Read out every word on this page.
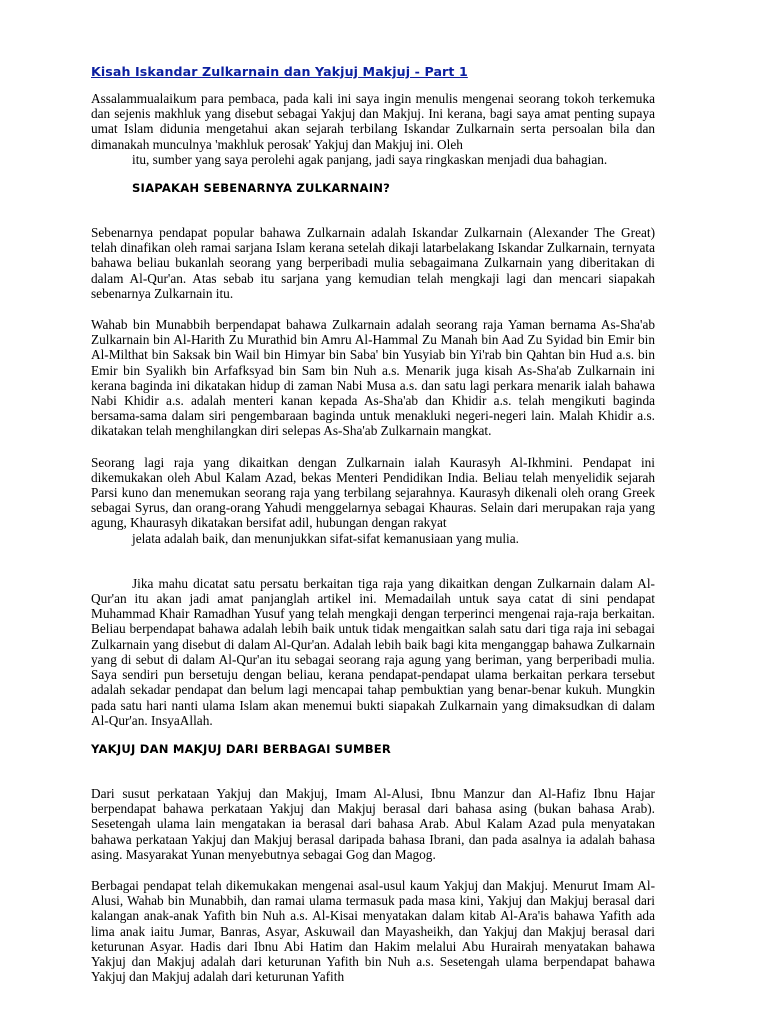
Kisah Iskandar Zulkarnain dan Yakjuj Makjuj - Part 1

Assalammualaikum para pembaca, pada kali ini saya ingin menulis mengenai seorang tokoh terkemuka dan sejenis makhluk yang disebut sebagai Yakjuj dan Makjuj. Ini kerana, bagi saya amat penting supaya umat Islam didunia mengetahui akan sejarah terbilang Iskandar Zulkarnain serta persoalan bila dan dimanakah munculnya 'makhluk perosak' Yakjuj dan Makjuj ini. Oleh

itu, sumber yang saya perolehi agak panjang, jadi saya ringkaskan menjadi dua bahagian.

SIAPAKAH SEBENARNYA ZULKARNAIN?

Sebenarnya pendapat popular bahawa Zulkarnain adalah Iskandar Zulkarnain (Alexander The Great) telah dinafikan oleh ramai sarjana Islam kerana setelah dikaji latarbelakang Iskandar Zulkarnain, ternyata bahawa beliau bukanlah seorang yang berperibadi mulia sebagaimana Zulkarnain yang diberitakan di dalam Al-Qur'an. Atas sebab itu sarjana yang kemudian telah mengkaji lagi dan mencari siapakah sebenarnya Zulkarnain itu.

Wahab bin Munabbih berpendapat bahawa Zulkarnain adalah seorang raja Yaman bernama As-Sha'ab Zulkarnain bin Al-Harith Zu Murathid bin Amru Al-Hammal Zu Manah bin Aad Zu Syidad bin Emir bin Al-Milthat bin Saksak bin Wail bin Himyar bin Saba' bin Yusyiab bin Yi'rab bin Qahtan bin Hud a.s. bin Emir bin Syalikh bin Arfafksyad bin Sam bin Nuh a.s. Menarik juga kisah As-Sha'ab Zulkarnain ini kerana baginda ini dikatakan hidup di zaman Nabi Musa a.s. dan satu lagi perkara menarik ialah bahawa Nabi Khidir a.s. adalah menteri kanan kepada As-Sha'ab dan Khidir a.s. telah mengikuti baginda bersama-sama dalam siri pengembaraan baginda untuk menakluki negeri-negeri lain. Malah Khidir a.s. dikatakan telah menghilangkan diri selepas As-Sha'ab Zulkarnain mangkat.

Seorang lagi raja yang dikaitkan dengan Zulkarnain ialah Kaurasyh Al-Ikhmini. Pendapat ini dikemukakan oleh Abul Kalam Azad, bekas Menteri Pendidikan India. Beliau telah menyelidik sejarah Parsi kuno dan menemukan seorang raja yang terbilang sejarahnya. Kaurasyh dikenali oleh orang Greek sebagai Syrus, dan orang-orang Yahudi menggelarnya sebagai Khauras. Selain dari merupakan raja yang agung, Khaurasyh dikatakan bersifat adil, hubungan dengan rakyat

jelata adalah baik, dan menunjukkan sifat-sifat kemanusiaan yang mulia.

Jika mahu dicatat satu persatu berkaitan tiga raja yang dikaitkan dengan Zulkarnain dalam Al-Qur'an itu akan jadi amat panjanglah artikel ini. Memadailah untuk saya catat di sini pendapat Muhammad Khair Ramadhan Yusuf yang telah mengkaji dengan terperinci mengenai raja-raja berkaitan. Beliau berpendapat bahawa adalah lebih baik untuk tidak mengaitkan salah satu dari tiga raja ini sebagai Zulkarnain yang disebut di dalam Al-Qur'an. Adalah lebih baik bagi kita menganggap bahawa Zulkarnain yang di sebut di dalam Al-Qur'an itu sebagai seorang raja agung yang beriman, yang berperibadi mulia. Saya sendiri pun bersetuju dengan beliau, kerana pendapat-pendapat ulama berkaitan perkara tersebut adalah sekadar pendapat dan belum lagi mencapai tahap pembuktian yang benar-benar kukuh. Mungkin pada satu hari nanti ulama Islam akan menemui bukti siapakah Zulkarnain yang dimaksudkan di dalam Al-Qur'an. InsyaAllah.

YAKJUJ DAN MAKJUJ DARI BERBAGAI SUMBER

Dari susut perkataan Yakjuj dan Makjuj, Imam Al-Alusi, Ibnu Manzur dan Al-Hafiz Ibnu Hajar berpendapat bahawa perkataan Yakjuj dan Makjuj berasal dari bahasa asing (bukan bahasa Arab). Sesetengah ulama lain mengatakan ia berasal dari bahasa Arab. Abul Kalam Azad pula menyatakan bahawa perkataan Yakjuj dan Makjuj berasal daripada bahasa Ibrani, dan pada asalnya ia adalah bahasa asing. Masyarakat Yunan menyebutnya sebagai Gog dan Magog.

Berbagai pendapat telah dikemukakan mengenai asal-usul kaum Yakjuj dan Makjuj. Menurut Imam Al-Alusi, Wahab bin Munabbih, dan ramai ulama termasuk pada masa kini, Yakjuj dan Makjuj berasal dari kalangan anak-anak Yafith bin Nuh a.s. Al-Kisai menyatakan dalam kitab Al-Ara'is bahawa Yafith ada lima anak iaitu Jumar, Banras, Asyar, Askuwail dan Mayasheikh, dan Yakjuj dan Makjuj berasal dari keturunan Asyar. Hadis dari Ibnu Abi Hatim dan Hakim melalui Abu Hurairah menyatakan bahawa Yakjuj dan Makjuj adalah dari keturunan Yafith bin Nuh a.s. Sesetengah ulama berpendapat bahawa Yakjuj dan Makjuj adalah dari keturunan Yafith
